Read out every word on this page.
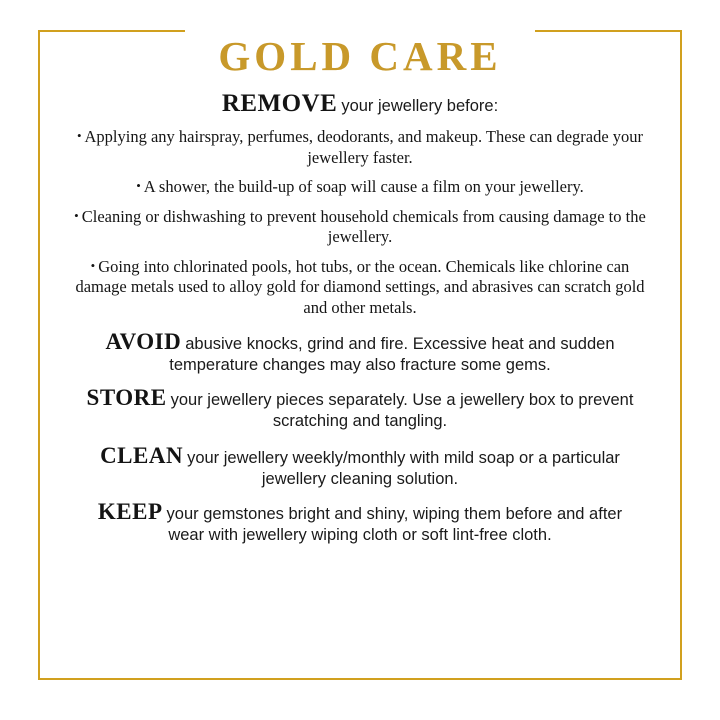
GOLD CARE
REMOVE your jewellery before:
• Applying any hairspray, perfumes, deodorants, and makeup. These can degrade your jewellery faster.
• A shower, the build-up of soap will cause a film on your jewellery.
• Cleaning or dishwashing to prevent household chemicals from causing damage to the jewellery.
• Going into chlorinated pools, hot tubs, or the ocean. Chemicals like chlorine can damage metals used to alloy gold for diamond settings, and abrasives can scratch gold and other metals.
AVOID abusive knocks, grind and fire. Excessive heat and sudden temperature changes may also fracture some gems.
STORE your jewellery pieces separately. Use a jewellery box to prevent scratching and tangling.
CLEAN your jewellery weekly/monthly with mild soap or a particular jewellery cleaning solution.
KEEP your gemstones bright and shiny, wiping them before and after wear with jewellery wiping cloth or soft lint-free cloth.
